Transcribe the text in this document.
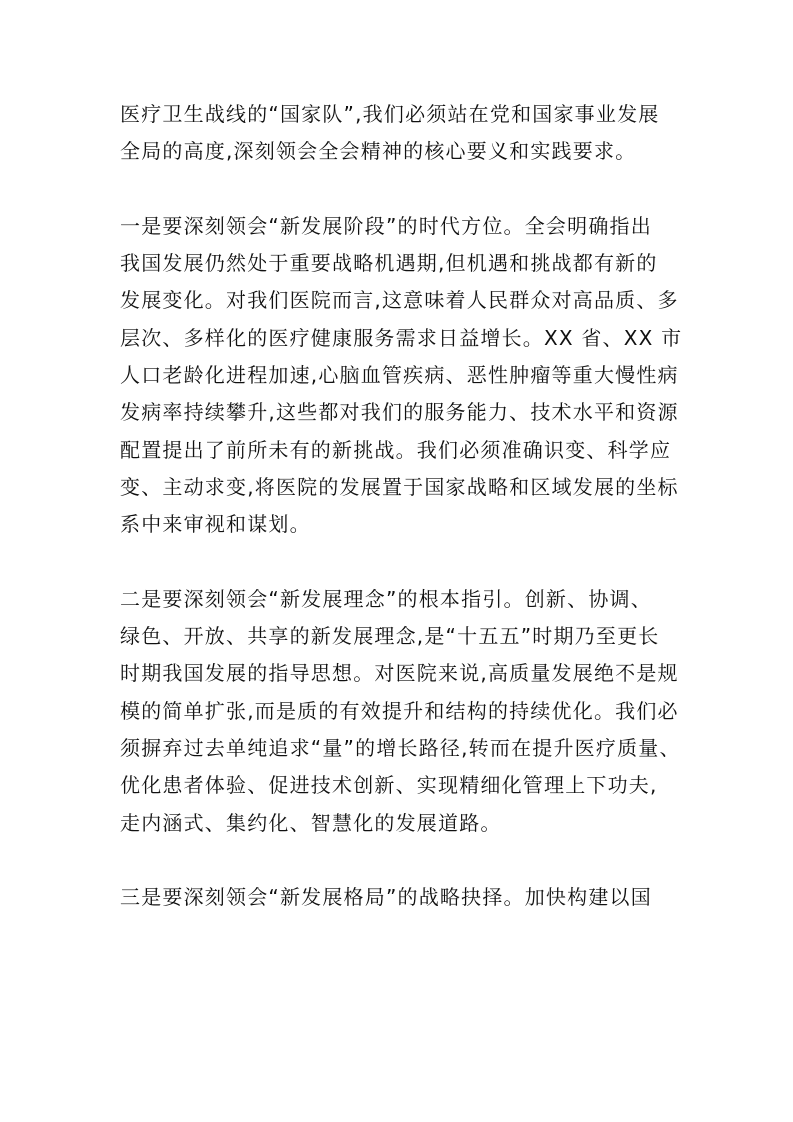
医疗卫生战线的“国家队”,我们必须站在党和国家事业发展
全局的高度,深刻领会全会精神的核心要义和实践要求。

一是要深刻领会“新发展阶段”的时代方位。全会明确指出
我国发展仍然处于重要战略机遇期,但机遇和挑战都有新的
发展变化。对我们医院而言,这意味着人民群众对高品质、多
层次、多样化的医疗健康服务需求日益增长。XX 省、XX 市
人口老龄化进程加速,心脑血管疾病、恶性肿瘤等重大慢性病
发病率持续攀升,这些都对我们的服务能力、技术水平和资源
配置提出了前所未有的新挑战。我们必须准确识变、科学应
变、主动求变,将医院的发展置于国家战略和区域发展的坐标
系中来审视和谋划。

二是要深刻领会“新发展理念”的根本指引。创新、协调、
绿色、开放、共享的新发展理念,是“十五五”时期乃至更长
时期我国发展的指导思想。对医院来说,高质量发展绝不是规
模的简单扩张,而是质的有效提升和结构的持续优化。我们必
须摒弃过去单纯追求“量”的增长路径,转而在提升医疗质量、
优化患者体验、促进技术创新、实现精细化管理上下功夫,
走内涵式、集约化、智慧化的发展道路。

三是要深刻领会“新发展格局”的战略抉择。加快构建以国
